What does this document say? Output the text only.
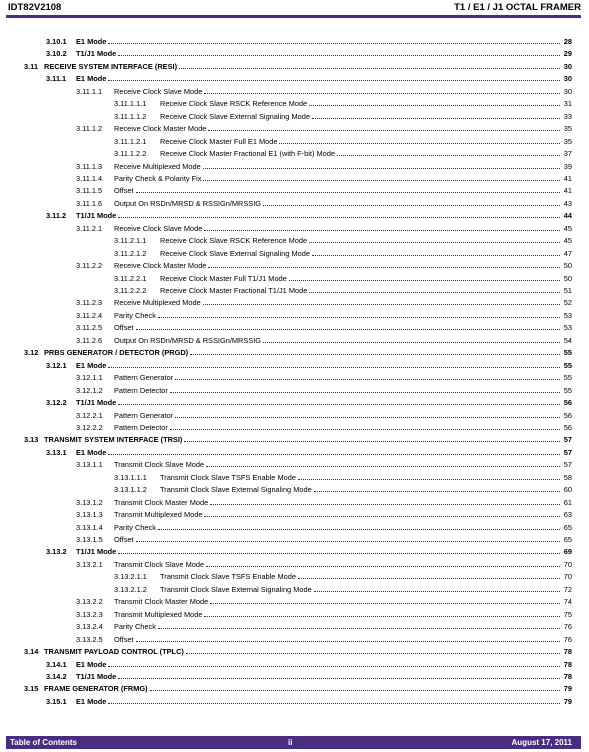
IDT82V2108	T1 / E1 / J1 OCTAL FRAMER
3.10.1	E1 Mode	28
3.10.2	T1/J1 Mode	29
3.11 RECEIVE SYSTEM INTERFACE (RESI)	30
3.11.1	E1 Mode	30
3.11.1.1	Receive Clock Slave Mode	30
3.11.1.1.1	Receive Clock Slave RSCK Reference Mode	31
3.11.1.1.2	Receive Clock Slave External Signaling Mode	33
3.11.1.2	Receive Clock Master Mode	35
3.11.1.2.1	Receive Clock Master Full E1 Mode	35
3.11.1.2.2	Receive Clock Master Fractional E1 (with F-bit) Mode	37
3.11.1.3	Receive Multiplexed Mode	39
3.11.1.4	Parity Check & Polarity Fix	41
3.11.1.5	Offset	41
3.11.1.6	Output On RSDn/MRSD & RSSIGn/MRSSIG	43
3.11.2	T1/J1 Mode	44
3.11.2.1	Receive Clock Slave Mode	45
3.11.2.1.1	Receive Clock Slave RSCK Reference Mode	45
3.11.2.1.2	Receive Clock Slave External Signaling Mode	47
3.11.2.2	Receive Clock Master Mode	50
3.11.2.2.1	Receive Clock Master Full T1/J1 Mode	50
3.11.2.2.2	Receive Clock Master Fractional T1/J1 Mode	51
3.11.2.3	Receive Multiplexed Mode	52
3.11.2.4	Parity Check	53
3.11.2.5	Offset	53
3.11.2.6	Output On RSDn/MRSD & RSSIGn/MRSSIG	54
3.12 PRBS GENERATOR / DETECTOR (PRGD)	55
3.12.1	E1 Mode	55
3.12.1.1	Pattern Generator	55
3.12.1.2	Pattern Detector	55
3.12.2	T1/J1 Mode	56
3.12.2.1	Pattern Generator	56
3.12.2.2	Pattern Detector	56
3.13 TRANSMIT SYSTEM INTERFACE (TRSI)	57
3.13.1	E1 Mode	57
3.13.1.1	Transmit Clock Slave Mode	57
3.13.1.1.1	Transmit Clock Slave TSFS Enable Mode	58
3.13.1.1.2	Transmit Clock Slave External Signaling Mode	60
3.13.1.2	Transmit Clock Master Mode	61
3.13.1.3	Transmit Multiplexed Mode	63
3.13.1.4	Parity Check	65
3.13.1.5	Offset	65
3.13.2	T1/J1 Mode	69
3.13.2.1	Transmit Clock Slave Mode	70
3.13.2.1.1	Transmit Clock Slave TSFS Enable Mode	70
3.13.2.1.2	Transmit Clock Slave External Signaling Mode	72
3.13.2.2	Transmit Clock Master Mode	74
3.13.2.3	Transmit Multiplexed Mode	75
3.13.2.4	Parity Check	76
3.13.2.5	Offset	76
3.14 TRANSMIT PAYLOAD CONTROL (TPLC)	78
3.14.1	E1 Mode	78
3.14.2	T1/J1 Mode	78
3.15 FRAME GENERATOR (FRMG)	79
3.15.1	E1 Mode	79
Table of Contents	ii	August 17, 2011
